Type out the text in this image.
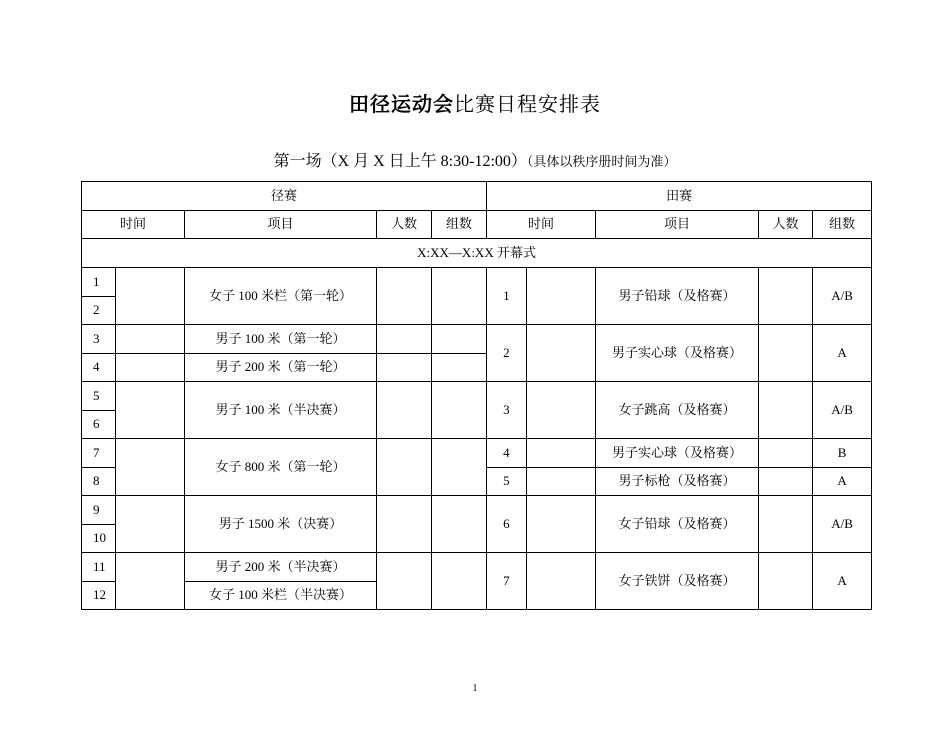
田径运动会比赛日程安排表
第一场（X 月 X 日上午 8:30-12:00）（具体以秩序册时间为准）
径赛					田赛				
时间		项目	人数	组数	时间		项目	人数	组数
X:XX—X:XX 开幕式									
1		女子 100 米栏（第一轮）			1		男子铅球（及格赛）		A/B
2									
3		男子 100 米（第一轮）			2		男子实心球（及格赛）		A
4		男子 200 米（第一轮）							
5		男子 100 米（半决赛）			3		女子跳高（及格赛）		A/B
6									
7		女子 800 米（第一轮）			4		男子实心球（及格赛）		B
8					5		男子标枪（及格赛）		A
9		男子 1500 米（决赛）			6		女子铅球（及格赛）		A/B
10									
11		男子 200 米（半决赛）			7		女子铁饼（及格赛）		A
12		女子 100 米栏（半决赛）							
1
